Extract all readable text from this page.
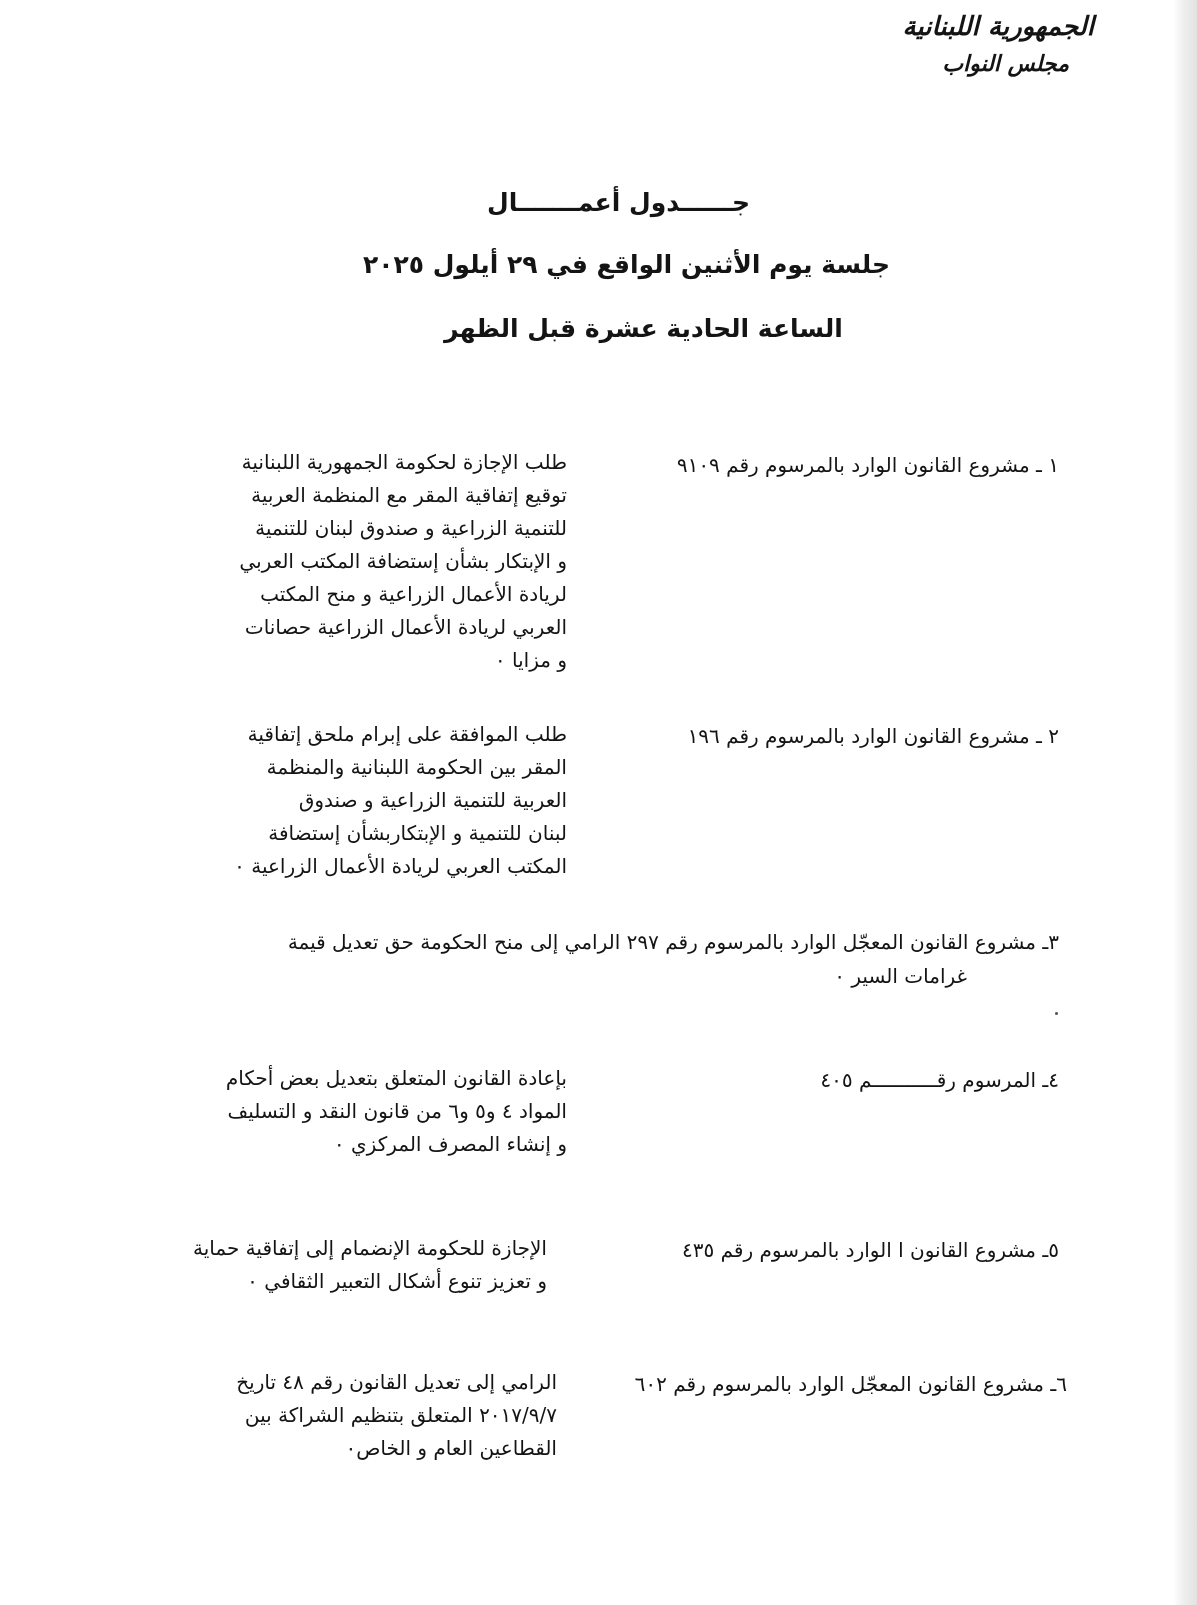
الجمهورية اللبنانية
مجلس النواب
جــــــدول أعمـــــــال
جلسة يوم الأثنين الواقع في ٢٩ أيلول ٢٠٢٥
الساعة الحادية عشرة قبل الظهر
١ ـ مشروع القانون الوارد بالمرسوم رقم ٩١٠٩
طلب الإجازة لحكومة الجمهورية اللبنانية
توقيع إتفاقية المقر مع المنظمة العربية
للتنمية الزراعية و صندوق لبنان للتنمية
و الإبتكار بشأن إستضافة المكتب العربي
لريادة الأعمال الزراعية و منح المكتب
العربي لريادة الأعمال الزراعية حصانات
و مزايا ٠
٢ ـ مشروع القانون الوارد بالمرسوم رقم ١٩٦
طلب الموافقة على إبرام ملحق إتفاقية
المقر بين الحكومة اللبنانية والمنظمة
العربية للتنمية الزراعية و صندوق
لبنان للتنمية و الإبتكاربشأن إستضافة
المكتب العربي لريادة الأعمال الزراعية ٠
٣ـ مشروع القانون المعجّل الوارد بالمرسوم رقم ٢٩٧ الرامي إلى منح الحكومة حق تعديل قيمة
غرامات السير ٠
٤ـ المرسوم رقـــــــــــم ٤٠٥
بإعادة القانون المتعلق بتعديل بعض أحكام
المواد ٤ و٥ و٦ من قانون النقد و التسليف
و إنشاء المصرف المركزي ٠
٥ـ مشروع القانون ا الوارد بالمرسوم رقم ٤٣٥
الإجازة للحكومة الإنضمام إلى إتفاقية حماية
و تعزيز تنوع أشكال التعبير الثقافي ٠
٦ـ مشروع القانون المعجّل الوارد بالمرسوم رقم ٦٠٢
الرامي إلى تعديل القانون رقم ٤٨ تاريخ
٢٠١٧/٩/٧ المتعلق بتنظيم الشراكة بين
القطاعين العام و الخاص٠
